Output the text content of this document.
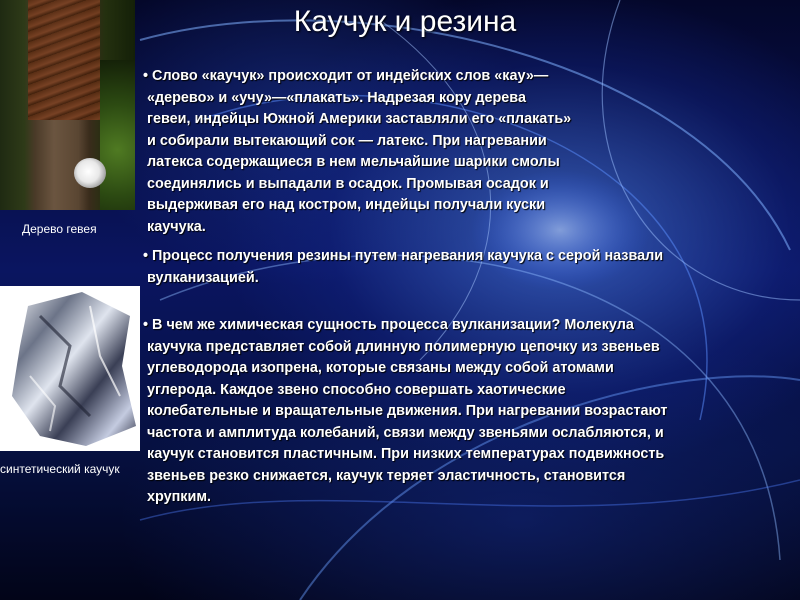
Каучук и резина
Дерево гевея
синтетический каучук
• Слово «каучук» происходит от индейских слов «кау»—
«дерево» и «учу»—«плакать». Надрезая кору дерева
гевеи, индейцы Южной Америки заставляли его «плакать»
и собирали вытекающий сок — латекс. При нагревании
латекса содержащиеся в нем мельчайшие шарики смолы
соединялись и выпадали в осадок. Промывая осадок и
выдерживая его над костром, индейцы получали куски
каучука.
• Процесс получения резины путем нагревания каучука с серой назвали
вулканизацией.
• В чем же химическая сущность процесса вулканизации? Молекула
каучука представляет собой длинную полимерную цепочку из звеньев
углеводорода изопрена, которые связаны между собой атомами
углерода. Каждое звено способно совершать хаотические
колебательные и вращательные движения. При нагревании возрастают
частота и амплитуда колебаний, связи между звеньями ослабляются, и
каучук становится пластичным. При низких температурах подвижность
звеньев резко снижается, каучук теряет эластичность, становится
хрупким.
